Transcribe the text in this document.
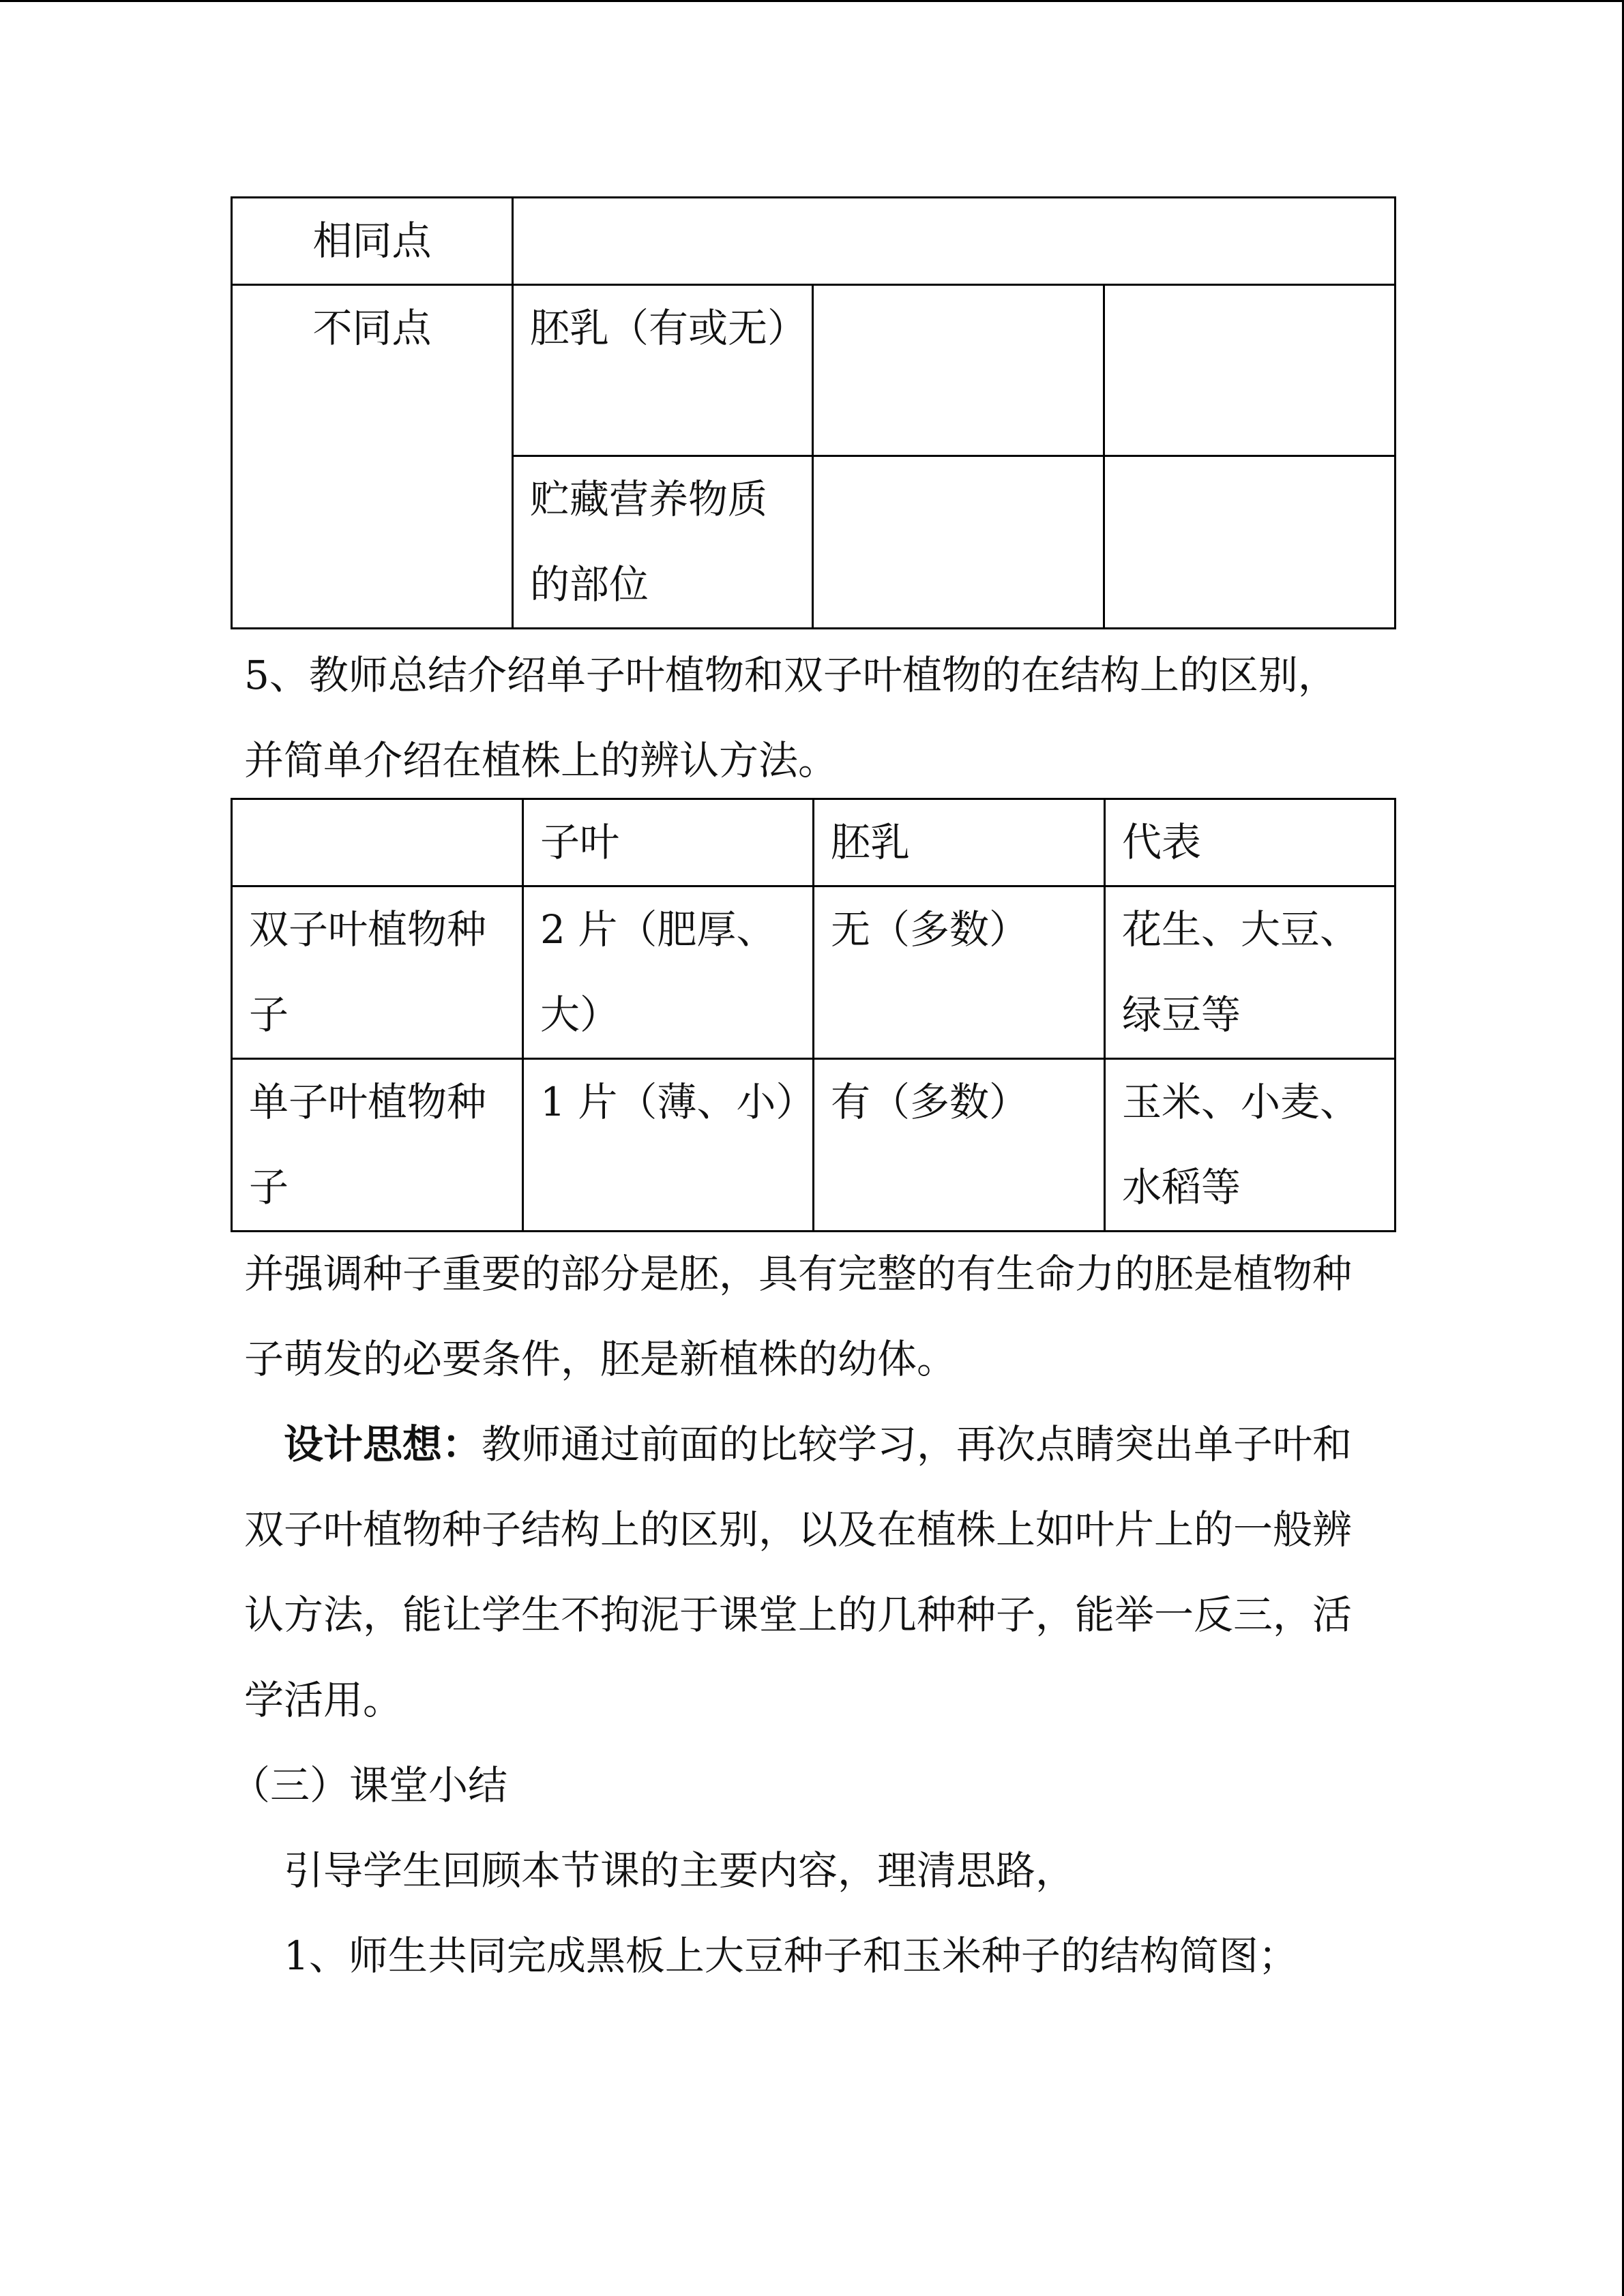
相同点			
不同点	胚乳（有或无）		
	贮藏营养物质的部位		

5、教师总结介绍单子叶植物和双子叶植物的在结构上的区别，并简单介绍在植株上的辨认方法。

	子叶	胚乳	代表
双子叶植物种子	2 片（肥厚、大）	无（多数）	花生、大豆、绿豆等
单子叶植物种子	1 片（薄、小）	有（多数）	玉米、小麦、水稻等

并强调种子重要的部分是胚，具有完整的有生命力的胚是植物种子萌发的必要条件，胚是新植株的幼体。

设计思想：教师通过前面的比较学习，再次点睛突出单子叶和双子叶植物种子结构上的区别，以及在植株上如叶片上的一般辨认方法，能让学生不拘泥于课堂上的几种种子，能举一反三，活学活用。

（三）课堂小结

引导学生回顾本节课的主要内容，理清思路，

1、师生共同完成黑板上大豆种子和玉米种子的结构简图；
